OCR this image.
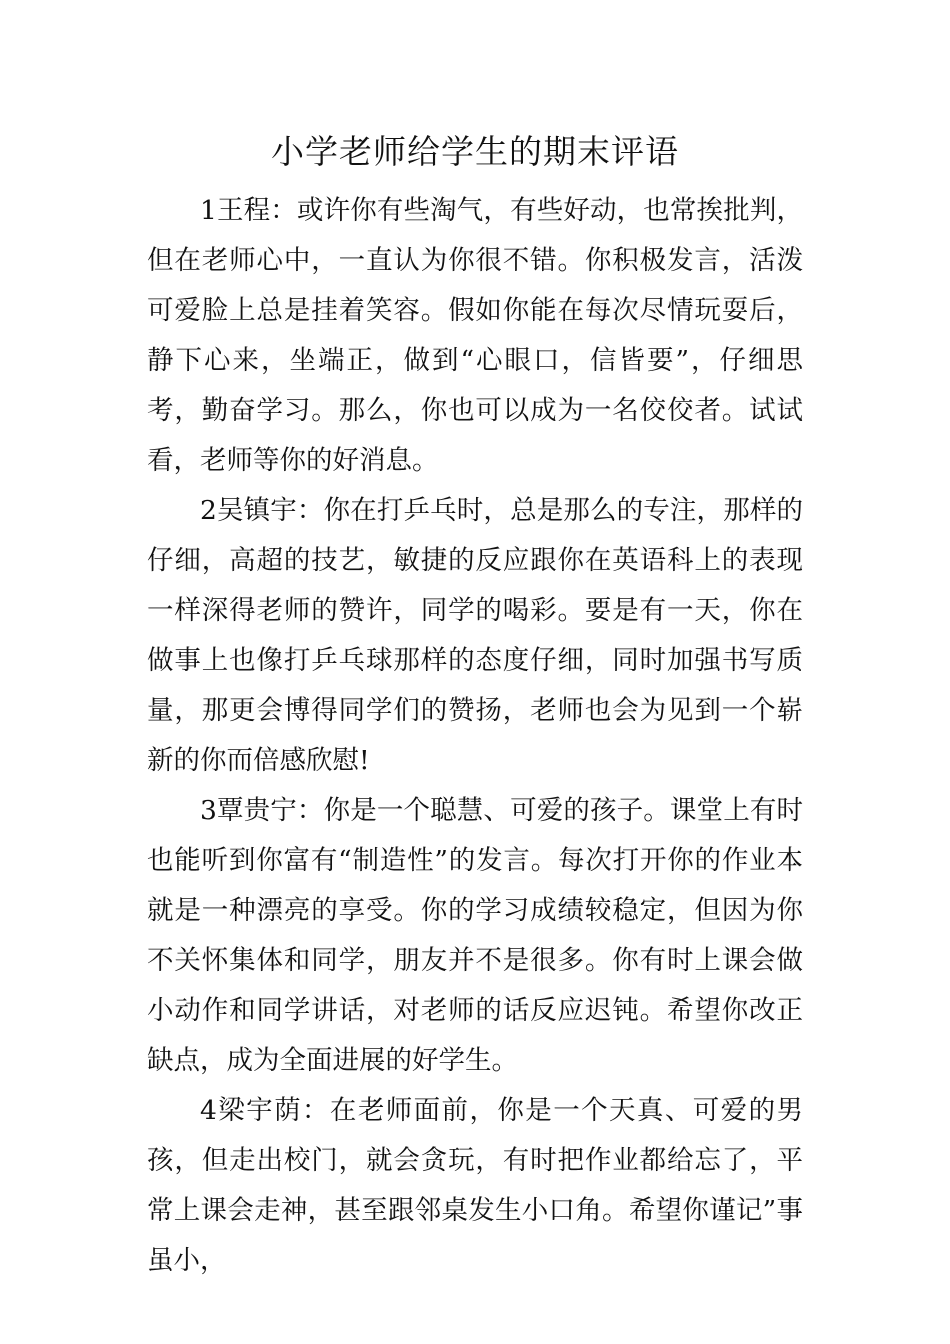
小学老师给学生的期末评语

1王程：或许你有些淘气，有些好动，也常挨批判，但在老师心中，一直认为你很不错。你积极发言，活泼可爱脸上总是挂着笑容。假如你能在每次尽情玩耍后，静下心来，坐端正，做到“心眼口，信皆要”，仔细思考，勤奋学习。那么，你也可以成为一名佼佼者。试试看，老师等你的好消息。

2吴镇宇：你在打乒乓时，总是那么的专注，那样的仔细，高超的技艺，敏捷的反应跟你在英语科上的表现一样深得老师的赞许，同学的喝彩。要是有一天，你在做事上也像打乒乓球那样的态度仔细，同时加强书写质量，那更会博得同学们的赞扬，老师也会为见到一个崭新的你而倍感欣慰!

3覃贵宁：你是一个聪慧、可爱的孩子。课堂上有时也能听到你富有“制造性”的发言。每次打开你的作业本就是一种漂亮的享受。你的学习成绩较稳定，但因为你不关怀集体和同学，朋友并不是很多。你有时上课会做小动作和同学讲话，对老师的话反应迟钝。希望你改正缺点，成为全面进展的好学生。

4梁宇荫：在老师面前，你是一个天真、可爱的男孩，但走出校门，就会贪玩，有时把作业都给忘了，平常上课会走神，甚至跟邻桌发生小口角。希望你谨记”事虽小，
